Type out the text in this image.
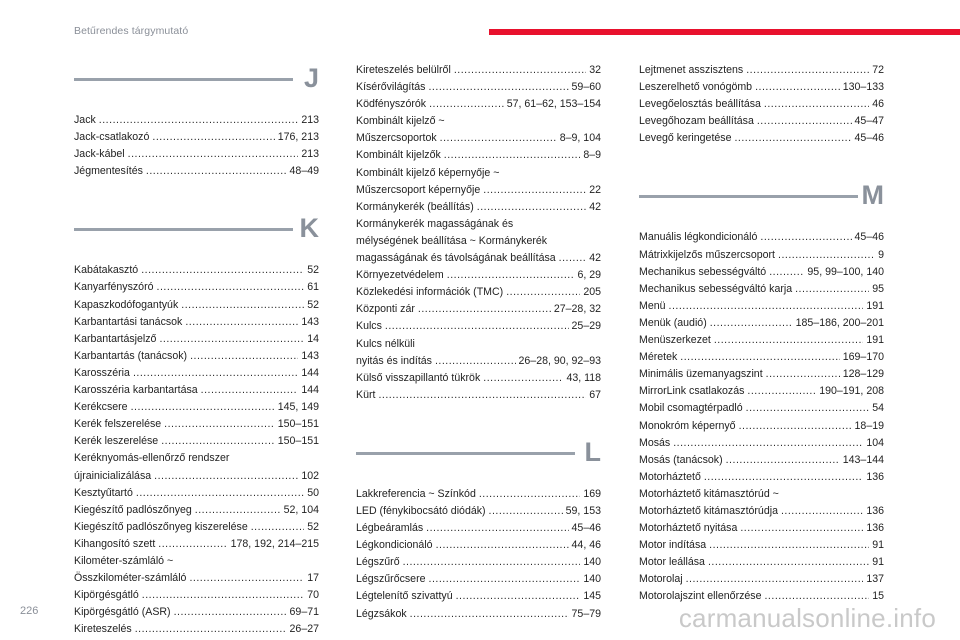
Betűrendes tárgymutató
J
Jack .....	213
Jack-csatlakozó .....	176, 213
Jack-kábel .....	213
Jégmentesítés .....	48–49
K
Kabátakasztó .....	52
Kanyarfényszóró .....	61
Kapaszkodófogantyúk .....	52
Karbantartási tanácsok .....	143
Karbantartásjelző .....	14
Karbantartás (tanácsok) .....	143
Karosszéria .....	144
Karosszéria karbantartása .....	144
Kerékcsere .....	145, 149
Kerék felszerelése .....	150–151
Kerék leszerelése .....	150–151
Keréknyomás-ellenőrző rendszer
újrainicializálása .....	102
Kesztyűtartó .....	50
Kiegészítő padlószőnyeg .....	52, 104
Kiegészítő padlószőnyeg kiszerelése .....	52
Kihangosító szett .....	178, 192, 214–215
Kilométer-számláló ~
Összkilométer-számláló .....	17
Kipörgésgátló .....	70
Kipörgésgátló (ASR) .....	69–71
Kireteszelés .....	26–27
Kireteszelés belülről .....	32
Kísérővilágítás .....	59–60
Ködfényszórók .....	57, 61–62, 153–154
Kombinált kijelző ~
Műszercsoportok .....	8–9, 104
Kombinált kijelzők .....	8–9
Kombinált kijelző képernyője ~
Műszercsoport képernyője .....	22
Kormánykerék (beállítás) .....	42
Kormánykerék magasságának és
mélységének beállítása ~ Kormánykerék
magasságának és távolságának beállítása .....	42
Környezetvédelem .....	6, 29
Közlekedési információk (TMC) .....	205
Központi zár .....	27–28, 32
Kulcs .....	25–29
Kulcs nélküli
nyitás és indítás .....	26–28, 90, 92–93
Külső visszapillantó tükrök .....	43, 118
Kürt .....	67
L
Lakkreferencia ~ Színkód .....	169
LED (fénykibocsátó diódák) .....	59, 153
Légbeáramlás .....	45–46
Légkondicionáló .....	44, 46
Légszűrő .....	140
Légszűrőcsere .....	140
Légtelenítő szivattyú .....	145
Légzsákok .....	75–79
Lejtmenet asszisztens .....	72
Leszerelhető vonógömb .....	130–133
Levegőelosztás beállítása .....	46
Levegőhozam beállítása .....	45–47
Levegő keringetése .....	45–46
M
Manuális légkondicionáló .....	45–46
Mátrixkijelzős műszercsoport .....	9
Mechanikus sebességváltó .....	95, 99–100, 140
Mechanikus sebességváltó karja .....	95
Menü .....	191
Menük (audió) .....	185–186, 200–201
Menüszerkezet .....	191
Méretek .....	169–170
Minimális üzemanyagszint .....	128–129
MirrorLink csatlakozás .....	190–191, 208
Mobil csomagtérpadló .....	54
Monokróm képernyő .....	18–19
Mosás .....	104
Mosás (tanácsok) .....	143–144
Motorháztető .....	136
Motorháztető kitámasztórúd ~
Motorháztető kitámasztórúdja .....	136
Motorháztető nyitása .....	136
Motor indítása .....	91
Motor leállása .....	91
Motorolaj .....	137
Motorolajszint ellenőrzése .....	15
226	carmanualsonline.info
